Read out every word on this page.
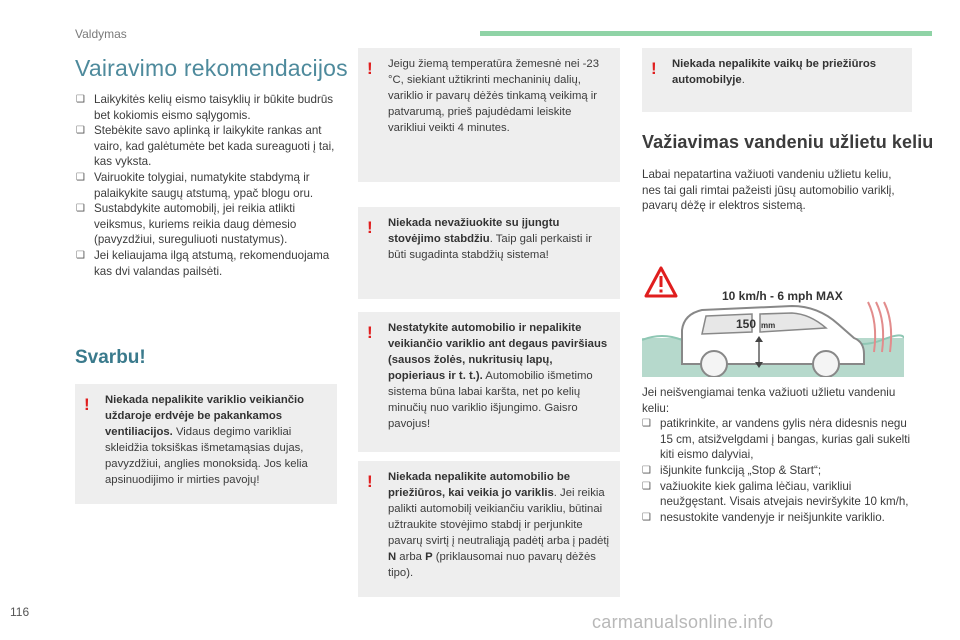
Valdymas
Vairavimo rekomendacijos
❑ Laikykitės kelių eismo taisyklių ir būkite budrūs bet kokiomis eismo sąlygomis.
❑ Stebėkite savo aplinką ir laikykite rankas ant vairo, kad galėtumėte bet kada sureaguoti į tai, kas vyksta.
❑ Vairuokite tolygiai, numatykite stabdymą ir palaikykite saugų atstumą, ypač blogu oru.
❑ Sustabdykite automobilį, jei reikia atlikti veiksmus, kuriems reikia daug dėmesio (pavyzdžiui, sureguliuoti nustatymus).
❑ Jei keliaujama ilgą atstumą, rekomenduojama kas dvi valandas pailsėti.
Svarbu!
! Niekada nepalikite variklio veikiančio uždaroje erdvėje be pakankamos ventiliacijos. Vidaus degimo varikliai skleidžia toksiškas išmetamąsias dujas, pavyzdžiui, anglies monoksidą. Jos kelia apsinuodijimo ir mirties pavojų!
! Jeigu žiemą temperatūra žemesnė nei -23 °C, siekiant užtikrinti mechaninių dalių, variklio ir pavarų dėžės tinkamą veikimą ir patvarumą, prieš pajudėdami leiskite varikliui veikti 4 minutes.
! Niekada nevažiuokite su įjungtu stovėjimo stabdžiu. Taip gali perkaisti ir būti sugadinta stabdžių sistema!
! Nestatykite automobilio ir nepalikite veikiančio variklio ant degaus paviršiaus (sausos žolės, nukritusių lapų, popieriaus ir t. t.). Automobilio išmetimo sistema būna labai karšta, net po kelių minučių nuo variklio išjungimo. Gaisro pavojus!
! Niekada nepalikite automobilio be priežiūros, kai veikia jo variklis. Jei reikia palikti automobilį veikiančiu varikliu, būtinai užtraukite stovėjimo stabdį ir perjunkite pavarų svirtį į neutraliąją padėtį arba į padėtį N arba P (priklausomai nuo pavarų dėžės tipo).
! Niekada nepalikite vaikų be priežiūros automobilyje.
Važiavimas vandeniu užlietu keliu
Labai nepatartina važiuoti vandeniu užlietu keliu, nes tai gali rimtai pažeisti jūsų automobilio variklį, pavarų dėžę ir elektros sistemą.
10 km/h - 6 mph MAX
150 mm
Jei neišvengiamai tenka važiuoti užlietu vandeniu keliu:
❑ patikrinkite, ar vandens gylis nėra didesnis negu 15 cm, atsižvelgdami į bangas, kurias gali sukelti kiti eismo dalyviai,
❑ išjunkite funkciją „Stop & Start“;
❑ važiuokite kiek galima lėčiau, varikliui neužgęstant. Visais atvejais neviršykite 10 km/h,
❑ nesustokite vandenyje ir neišjunkite variklio.
116	carmanualsonline.info
